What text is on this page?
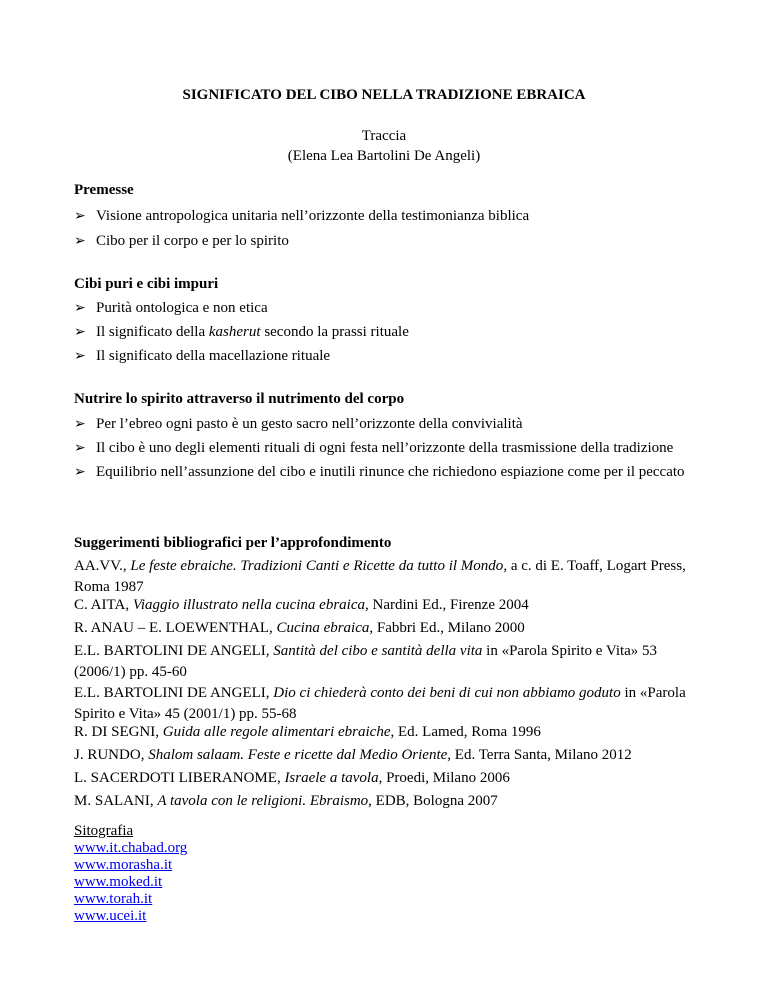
SIGNIFICATO DEL CIBO NELLA TRADIZIONE EBRAICA
Traccia
(Elena Lea Bartolini De Angeli)
Premesse
➢ Visione antropologica unitaria nell’orizzonte della testimonianza biblica
➢ Cibo per il corpo e per lo spirito
Cibi puri e cibi impuri
➢ Purità ontologica e non etica
➢ Il significato della kasherut secondo la prassi rituale
➢ Il significato della macellazione rituale
Nutrire lo spirito attraverso il nutrimento del corpo
➢ Per l’ebreo ogni pasto è un gesto sacro nell’orizzonte della convivialità
➢ Il cibo è uno degli elementi rituali di ogni festa nell’orizzonte della trasmissione della tradizione
➢ Equilibrio nell’assunzione del cibo e inutili rinunce che richiedono espiazione come per il peccato
Suggerimenti bibliografici per l’approfondimento
AA.VV., Le feste ebraiche. Tradizioni Canti e Ricette da tutto il Mondo, a c. di E. Toaff, Logart Press, Roma 1987
C. AITA, Viaggio illustrato nella cucina ebraica, Nardini Ed., Firenze 2004
R. ANAU – E. LOEWENTHAL, Cucina ebraica, Fabbri Ed., Milano 2000
E.L. BARTOLINI DE ANGELI, Santità del cibo e santità della vita in «Parola Spirito e Vita» 53 (2006/1) pp. 45-60
E.L. BARTOLINI DE ANGELI, Dio ci chiederà conto dei beni di cui non abbiamo goduto in «Parola Spirito e Vita» 45 (2001/1) pp. 55-68
R. DI SEGNI, Guida alle regole alimentari ebraiche, Ed. Lamed, Roma 1996
J. RUNDO, Shalom salaam. Feste e ricette dal Medio Oriente, Ed. Terra Santa, Milano 2012
L. SACERDOTI LIBERANOME, Israele a tavola, Proedi, Milano 2006
M. SALANI, A tavola con le religioni. Ebraismo, EDB, Bologna 2007
Sitografia
www.it.chabad.org
www.morasha.it
www.moked.it
www.torah.it
www.ucei.it
